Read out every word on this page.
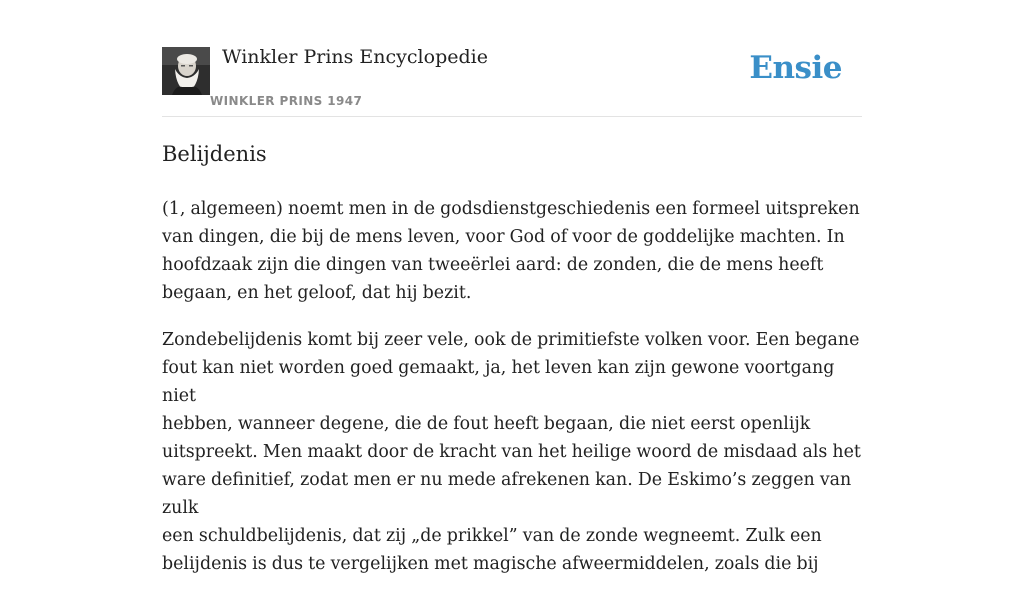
Winkler Prins Encyclopedie
WINKLER PRINS 1947
Ensie
Belijdenis

(1, algemeen) noemt men in de godsdienstgeschiedenis een formeel uitspreken
van dingen, die bij de mens leven, voor God of voor de goddelijke machten. In
hoofdzaak zijn die dingen van tweeërlei aard: de zonden, die de mens heeft
begaan, en het geloof, dat hij bezit.

Zondebelijdenis komt bij zeer vele, ook de primitiefste volken voor. Een begane
fout kan niet worden goed gemaakt, ja, het leven kan zijn gewone voortgang niet
hebben, wanneer degene, die de fout heeft begaan, die niet eerst openlijk
uitspreekt. Men maakt door de kracht van het heilige woord de misdaad als het
ware definitief, zodat men er nu mede afrekenen kan. De Eskimo’s zeggen van zulk
een schuldbelijdenis, dat zij „de prikkel” van de zonde wegneemt. Zulk een
belijdenis is dus te vergelijken met magische afweermiddelen, zoals die bij
